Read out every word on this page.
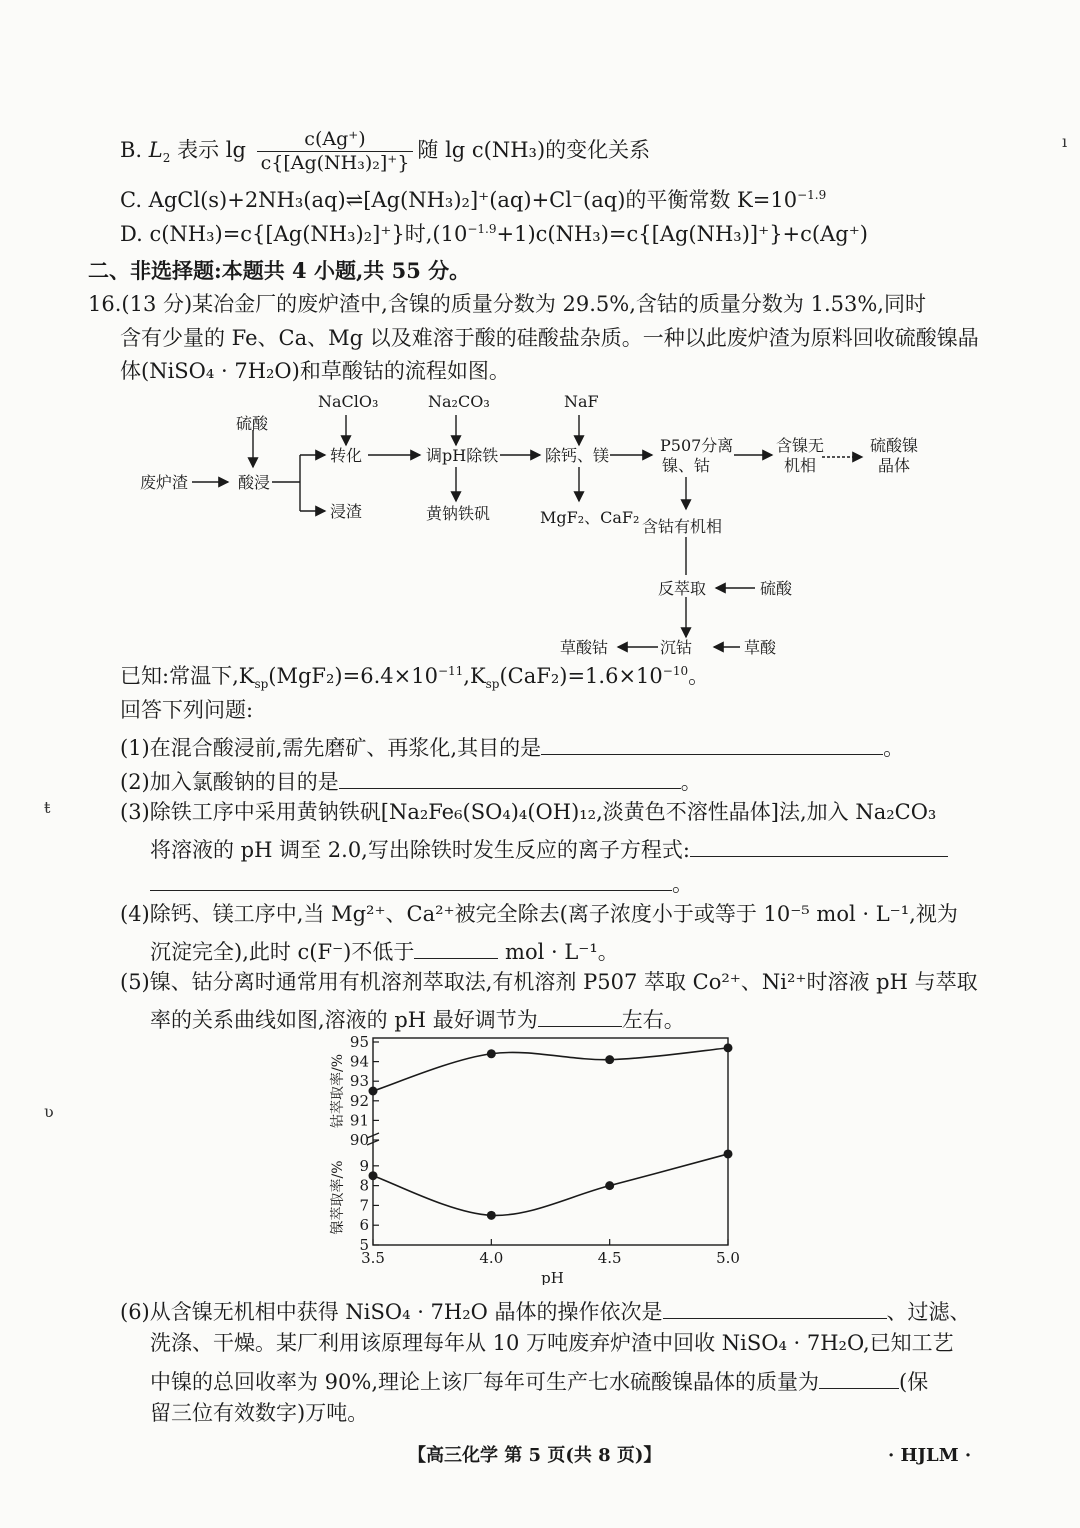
B. $L_2$ 表示 $\lg \frac{c(Ag^+)}{\text{c\{[Ag(NH₃)₂]⁺\}}}$ 随 lg c(NH₃)的变化关系
C. AgCl(s)+2NH₃(aq)⇌[Ag(NH₃)₂]⁺(aq)+Cl⁻(aq)的平衡常数 $K=10^{-1.9}$
D. c(NH₃)=c{[Ag(NH₃)₂]⁺}时$,(10^{-1.9}+1)c(NH_3)=c\{[Ag(NH_3)]^+\}+c(Ag^+)$
二、非选择题:本题共 4 小题,共 55 分。
16.(13 分)某冶金厂的废炉渣中,含镍的质量分数为 29.5%,含钴的质量分数为 1.53%,同时
含有少量的 Fe、Ca、Mg 以及难溶于酸的硅酸盐杂质。一种以此废炉渣为原料回收硫酸镍晶
体(NiSO₄ · 7H₂O)和草酸钴的流程如图。
废炉渣	酸浸
硫酸
转化
浸渣
NaClO₃
调pH除铁
Na₂CO₃
黄钠铁矾
除钙、镁
NaF
MgF₂、CaF₂
P507分离
镍、钴
含镍无
机相
硫酸镍
晶体
含钴有机相
反萃取	硫酸
沉钴	草酸
草酸钴
已知:常温下$,K_{sp}(MgF_2)=6.4\times 10^{-11},K_{sp}(CaF_2)=1.6\times 10^{-10}$。
回答下列问题:
(1)在混合酸浸前,需先磨矿、再浆化,其目的是	。
(2)加入氯酸钠的目的是	。
(3)除铁工序中采用黄钠铁矾[Na₂Fe₆(SO₄)₄(OH)₁₂,淡黄色不溶性晶体]法,加入 Na₂CO₃
将溶液的 pH 调至 2.0,写出除铁时发生反应的离子方程式:
。
(4)除钙、镁工序中,当 Mg²⁺、Ca²⁺被完全除去(离子浓度小于或等于 10⁻⁵ mol · L⁻¹,视为
沉淀完全),此时 c(F⁻)不低于	mol · L⁻¹。
(5)镍、钴分离时通常用有机溶剂萃取法,有机溶剂 P507 萃取 Co²⁺、Ni²⁺时溶液 pH 与萃取
率的关系曲线如图,溶液的 pH 最好调节为	左右。
90
91
92
93
94
95
钴萃取率/%
5
6
7
8
9
镍萃取率/%
3.5	4.0	4.5	5.0
pH
(6)从含镍无机相中获得 NiSO₄ · 7H₂O 晶体的操作依次是	、过滤、
洗涤、干燥。某厂利用该原理每年从 10 万吨废弃炉渣中回收 NiSO₄ · 7H₂O,已知工艺
中镍的总回收率为 90%,理论上该厂每年可生产七水硫酸镍晶体的质量为	(保
留三位有效数字)万吨。
【高三化学 第 5 页(共 8 页)】	· HJLM ·
ı
ŧ
ʋ
